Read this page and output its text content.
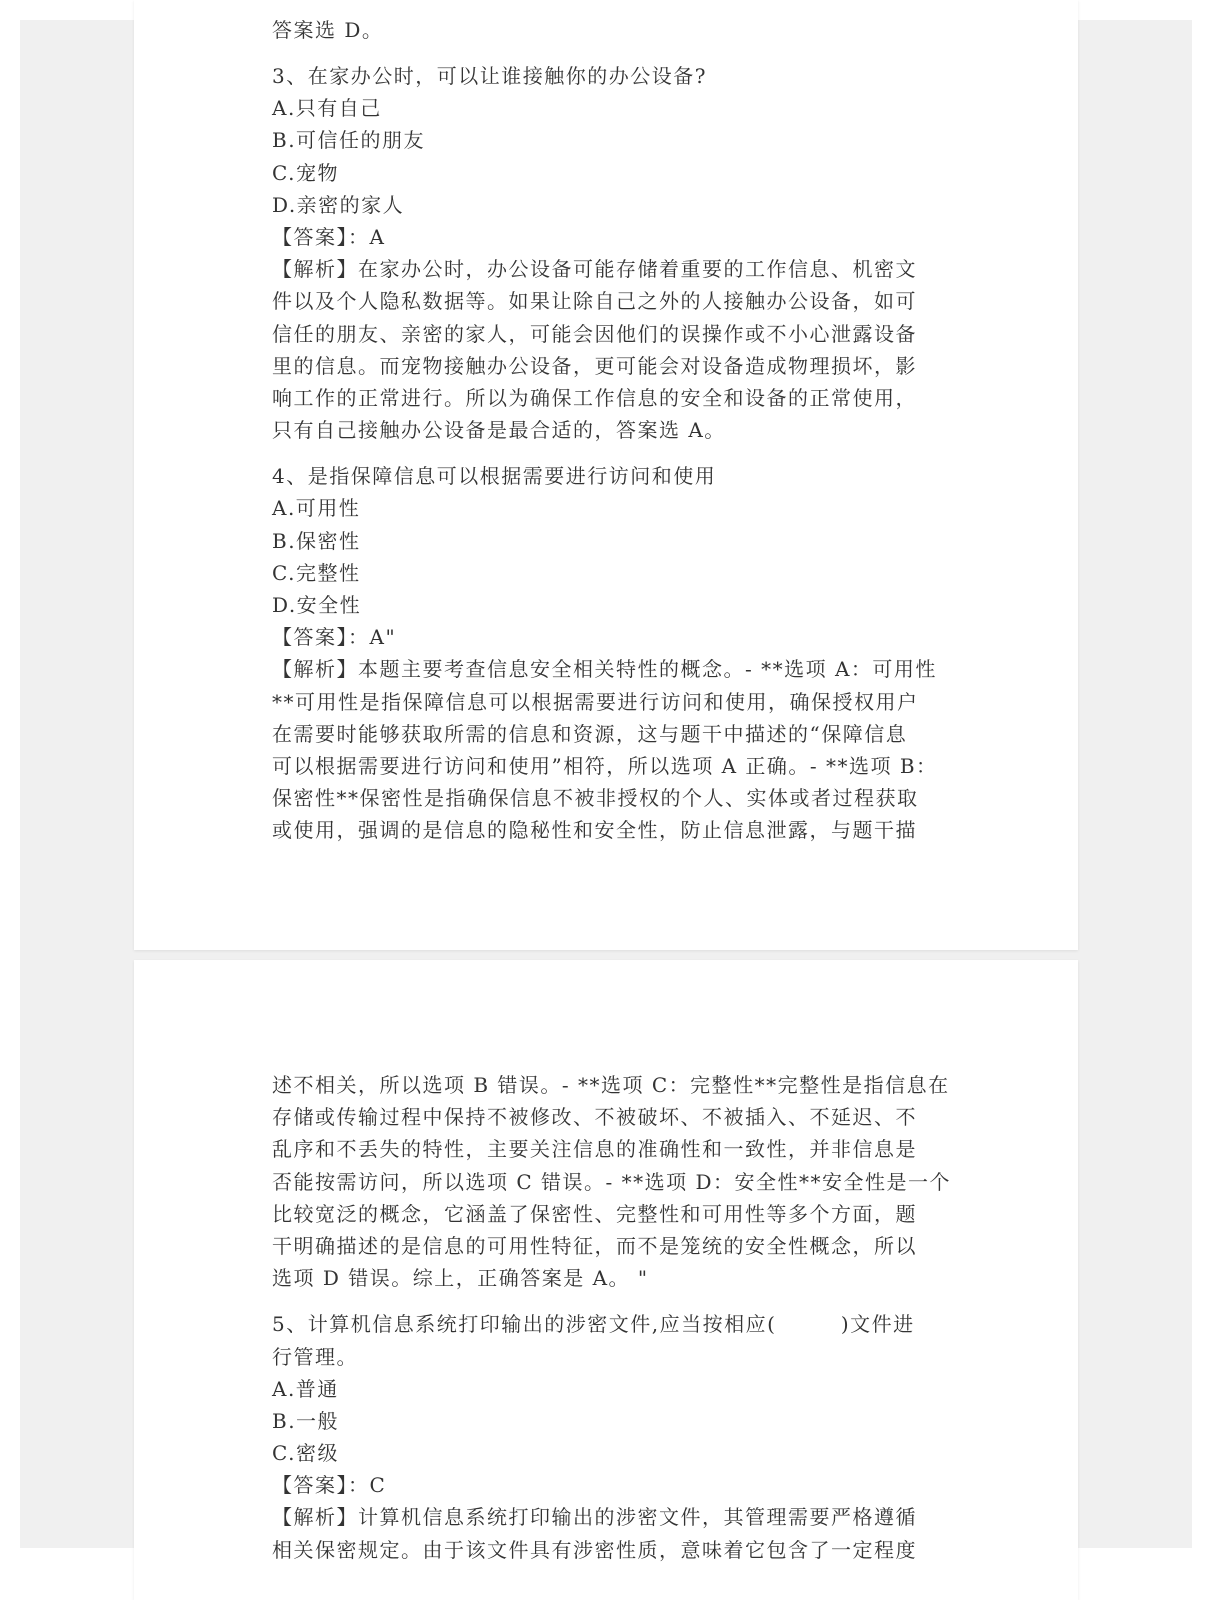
答案选 D。
3、在家办公时，可以让谁接触你的办公设备?
A.只有自己
B.可信任的朋友
C.宠物
D.亲密的家人
【答案】：A
【解析】在家办公时，办公设备可能存储着重要的工作信息、机密文
件以及个人隐私数据等。如果让除自己之外的人接触办公设备，如可
信任的朋友、亲密的家人，可能会因他们的误操作或不小心泄露设备
里的信息。而宠物接触办公设备，更可能会对设备造成物理损坏，影
响工作的正常进行。所以为确保工作信息的安全和设备的正常使用，
只有自己接触办公设备是最合适的，答案选 A。
4、是指保障信息可以根据需要进行访问和使用
A.可用性
B.保密性
C.完整性
D.安全性
【答案】：A"
【解析】本题主要考查信息安全相关特性的概念。- **选项 A：可用性
**可用性是指保障信息可以根据需要进行访问和使用，确保授权用户
在需要时能够获取所需的信息和资源，这与题干中描述的“保障信息
可以根据需要进行访问和使用”相符，所以选项 A 正确。- **选项 B：
保密性**保密性是指确保信息不被非授权的个人、实体或者过程获取
或使用，强调的是信息的隐秘性和安全性，防止信息泄露，与题干描
述不相关，所以选项 B 错误。- **选项 C：完整性**完整性是指信息在
存储或传输过程中保持不被修改、不被破坏、不被插入、不延迟、不
乱序和不丢失的特性，主要关注信息的准确性和一致性，并非信息是
否能按需访问，所以选项 C 错误。- **选项 D：安全性**安全性是一个
比较宽泛的概念，它涵盖了保密性、完整性和可用性等多个方面，题
干明确描述的是信息的可用性特征，而不是笼统的安全性概念，所以
选项 D 错误。综上，正确答案是 A。 "
5、计算机信息系统打印输出的涉密文件,应当按相应(　　　)文件进
行管理。
A.普通
B.一般
C.密级
【答案】：C
【解析】计算机信息系统打印输出的涉密文件，其管理需要严格遵循
相关保密规定。由于该文件具有涉密性质，意味着它包含了一定程度
